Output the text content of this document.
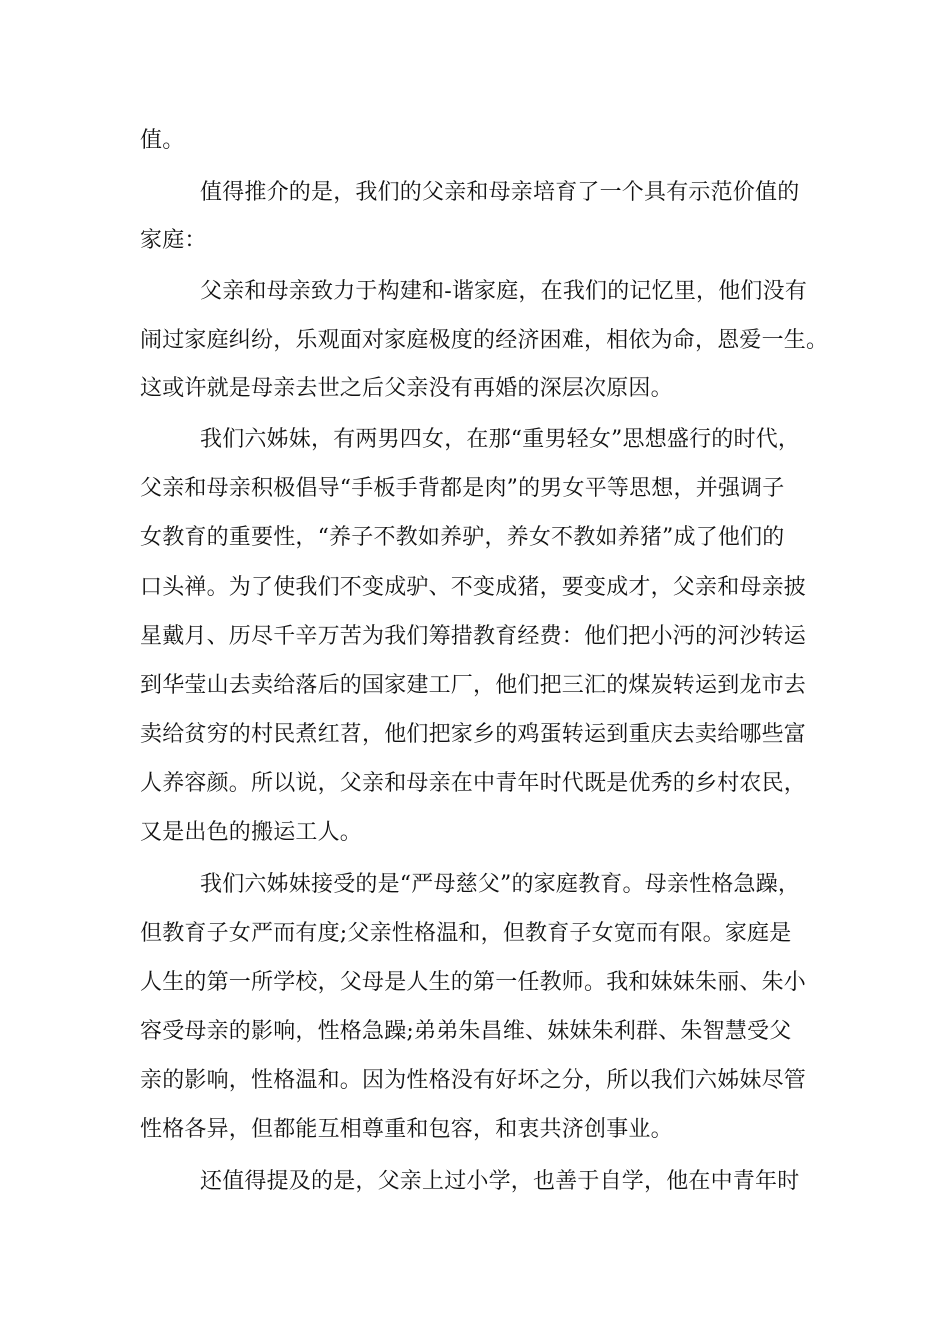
值。
值得推介的是，我们的父亲和母亲培育了一个具有示范价值的
家庭：
父亲和母亲致力于构建和-谐家庭，在我们的记忆里，他们没有
闹过家庭纠纷，乐观面对家庭极度的经济困难，相依为命，恩爱一生。
这或许就是母亲去世之后父亲没有再婚的深层次原因。
我们六姊妹，有两男四女，在那“重男轻女”思想盛行的时代，
父亲和母亲积极倡导“手板手背都是肉”的男女平等思想，并强调子
女教育的重要性，“养子不教如养驴，养女不教如养猪”成了他们的
口头禅。为了使我们不变成驴、不变成猪，要变成才，父亲和母亲披
星戴月、历尽千辛万苦为我们筹措教育经费：他们把小沔的河沙转运
到华莹山去卖给落后的国家建工厂，他们把三汇的煤炭转运到龙市去
卖给贫穷的村民煮红苕，他们把家乡的鸡蛋转运到重庆去卖给哪些富
人养容颜。所以说，父亲和母亲在中青年时代既是优秀的乡村农民，
又是出色的搬运工人。
我们六姊妹接受的是“严母慈父”的家庭教育。母亲性格急躁，
但教育子女严而有度;父亲性格温和，但教育子女宽而有限。家庭是
人生的第一所学校，父母是人生的第一任教师。我和妹妹朱丽、朱小
容受母亲的影响，性格急躁;弟弟朱昌维、妹妹朱利群、朱智慧受父
亲的影响，性格温和。因为性格没有好坏之分，所以我们六姊妹尽管
性格各异，但都能互相尊重和包容，和衷共济创事业。
还值得提及的是，父亲上过小学，也善于自学，他在中青年时
